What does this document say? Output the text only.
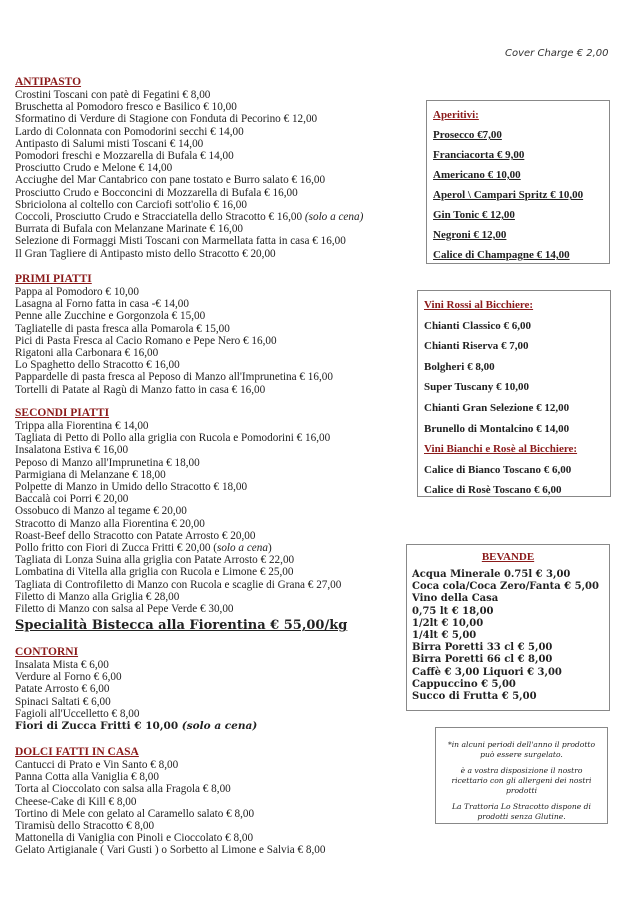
Cover Charge € 2,00
ANTIPASTO
Crostini Toscani con patè di Fegatini € 8,00
Bruschetta al Pomodoro fresco e Basilico € 10,00
Sformatino di Verdure di Stagione con Fonduta di Pecorino € 12,00
Lardo di Colonnata con Pomodorini secchi € 14,00
Antipasto di Salumi misti Toscani € 14,00
Pomodori freschi e Mozzarella di Bufala € 14,00
Prosciutto Crudo e Melone € 14,00
Acciughe del Mar Cantabrico con pane tostato e Burro salato € 16,00
Prosciutto Crudo e Bocconcini di Mozzarella di Bufala € 16,00
Sbriciolona al coltello con Carciofi sott'olio € 16,00
Coccoli, Prosciutto Crudo e Stracciatella dello Stracotto € 16,00 (solo a cena)
Burrata di Bufala con Melanzane Marinate € 16,00
Selezione di Formaggi Misti Toscani con Marmellata fatta in casa € 16,00
Il Gran Tagliere di Antipasto misto dello Stracotto € 20,00
PRIMI PIATTI
Pappa al Pomodoro € 10,00
Lasagna al Forno fatta in casa -€ 14,00
Penne alle Zucchine e Gorgonzola € 15,00
Tagliatelle di pasta fresca alla Pomarola € 15,00
Pici di Pasta Fresca al Cacio Romano e Pepe Nero € 16,00
Rigatoni alla Carbonara € 16,00
Lo Spaghetto dello Stracotto € 16,00
Pappardelle di pasta fresca al Peposo di Manzo all'Imprunetina € 16,00
Tortelli di Patate al Ragù di Manzo fatto in casa € 16,00
SECONDI PIATTI
Trippa alla Fiorentina € 14,00
Tagliata di Petto di Pollo alla griglia con Rucola e Pomodorini € 16,00
Insalatona Estiva € 16,00
Peposo di Manzo all'Imprunetina € 18,00
Parmigiana di Melanzane € 18,00
Polpette di Manzo in Umido dello Stracotto € 18,00
Baccalà coi Porri € 20,00
Ossobuco di Manzo al tegame € 20,00
Stracotto di Manzo alla Fiorentina € 20,00
Roast-Beef dello Stracotto con Patate Arrosto € 20,00
Pollo fritto con Fiori di Zucca Fritti € 20,00 (solo a cena)
Tagliata di Lonza Suina alla griglia con Patate Arrosto € 22,00
Lombatina di Vitella alla griglia con Rucola e Limone € 25,00
Tagliata di Controfiletto di Manzo con Rucola e scaglie di Grana € 27,00
Filetto di Manzo alla Griglia € 28,00
Filetto di Manzo con salsa al Pepe Verde € 30,00
Specialità Bistecca alla Fiorentina € 55,00/kg
CONTORNI
Insalata Mista € 6,00
Verdure al Forno € 6,00
Patate Arrosto € 6,00
Spinaci Saltati € 6,00
Fagioli all'Uccelletto € 8,00
Fiori di Zucca Fritti € 10,00 (solo a cena)
DOLCI FATTI IN CASA
Cantucci di Prato e Vin Santo € 8,00
Panna Cotta alla Vaniglia € 8,00
Torta al Cioccolato con salsa alla Fragola € 8,00
Cheese-Cake di Kill € 8,00
Tortino di Mele con gelato al Caramello salato € 8,00
Tiramisù dello Stracotto € 8,00
Mattonella di Vaniglia con Pinoli e Cioccolato € 8,00
Gelato Artigianale ( Vari Gusti ) o Sorbetto al Limone e Salvia € 8,00
Aperitivi:
Prosecco €7,00
Franciacorta € 9,00
Americano € 10,00
Aperol \ Campari Spritz € 10,00
Gin Tonic € 12,00
Negroni € 12,00
Calice di Champagne € 14,00
Vini Rossi al Bicchiere:
Chianti Classico € 6,00
Chianti Riserva € 7,00
Bolgheri € 8,00
Super Tuscany € 10,00
Chianti Gran Selezione € 12,00
Brunello di Montalcino € 14,00
Vini Bianchi e Rosè al Bicchiere:
Calice di Bianco Toscano € 6,00
Calice di Rosè Toscano € 6,00
BEVANDE
Acqua Minerale 0.75l € 3,00
Coca cola/Coca Zero/Fanta € 5,00
Vino della Casa
0,75 lt € 18,00
1/2lt € 10,00
1/4lt € 5,00
Birra Poretti 33 cl € 5,00
Birra Poretti 66 cl € 8,00
Caffè € 3,00 Liquori € 3,00
Cappuccino € 5,00
Succo di Frutta € 5,00

*in alcuni periodi dell'anno il prodotto può essere surgelato.

è a vostra disposizione il nostro ricettario con gli allergeni dei nostri prodotti

La Trattoria Lo Stracotto dispone di prodotti senza Glutine.
